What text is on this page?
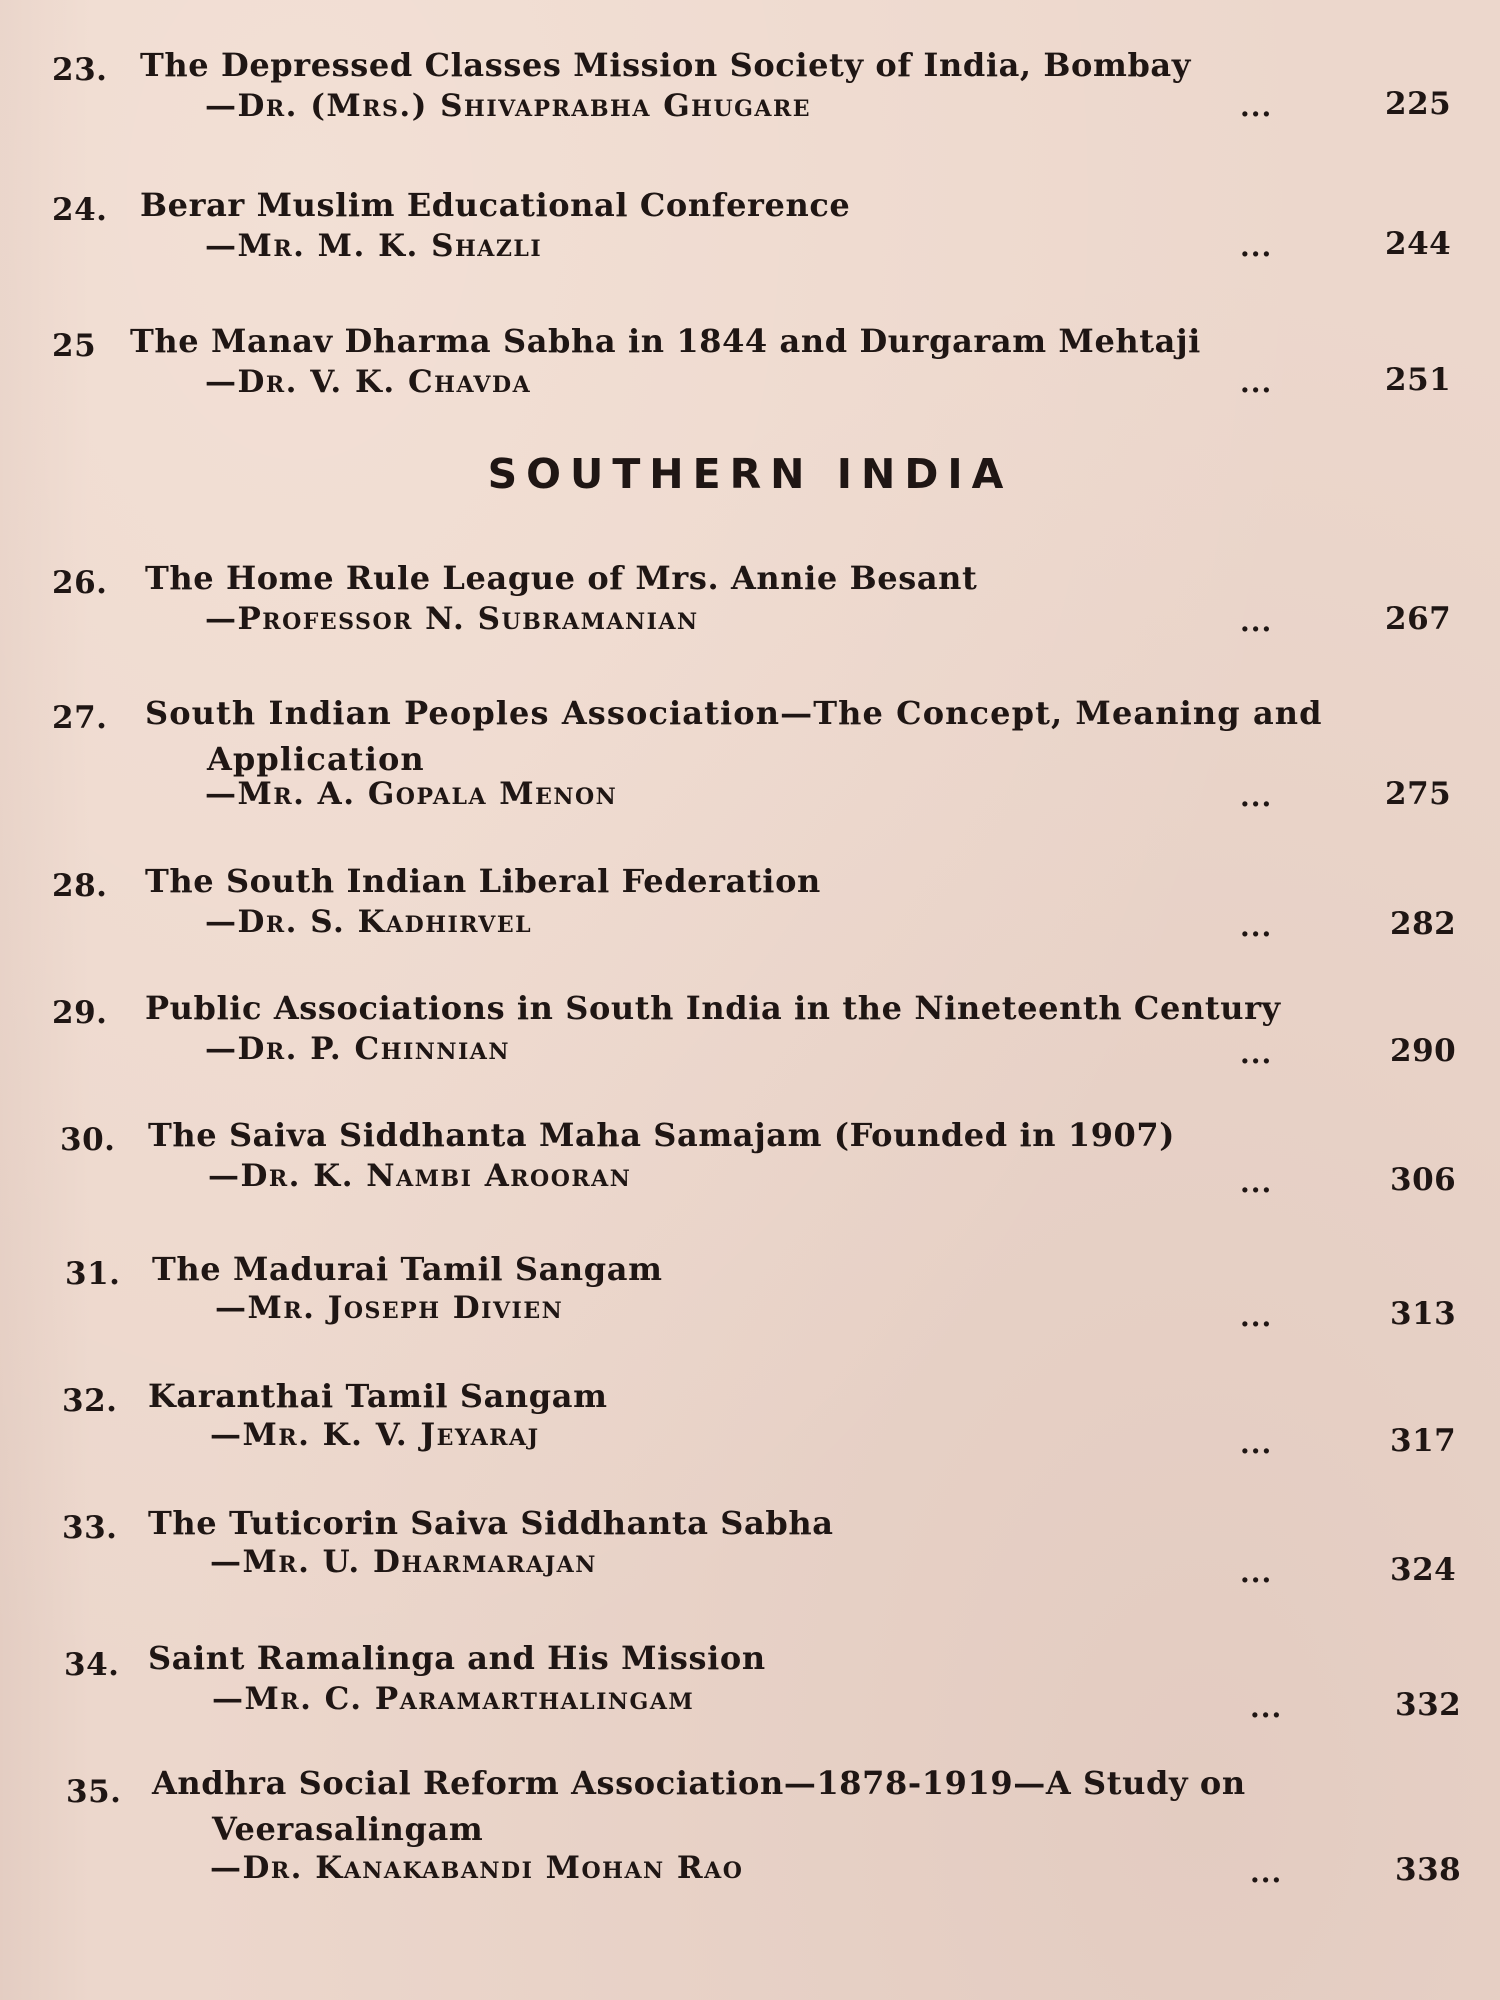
23. The Depressed Classes Mission Society of India, Bombay
—Dr. (Mrs.) Shivaprabha Ghugare	...	225
24. Berar Muslim Educational Conference
—Mr. M. K. Shazli	...	244
25 The Manav Dharma Sabha in 1844 and Durgaram Mehtaji
—Dr. V. K. Chavda	...	251
SOUTHERN INDIA
26. The Home Rule League of Mrs. Annie Besant
—Professor N. Subramanian	...	267
27. South Indian Peoples Association—The Concept, Meaning and
Application
—Mr. A. Gopala Menon	...	275
28. The South Indian Liberal Federation
—Dr. S. Kadhirvel	...	282
29. Public Associations in South India in the Nineteenth Century
—Dr. P. Chinnian	...	290
30. The Saiva Siddhanta Maha Samajam (Founded in 1907)
—Dr. K. Nambi Arooran	...	306
31. The Madurai Tamil Sangam
—Mr. Joseph Divien	...	313
32. Karanthai Tamil Sangam
—Mr. K. V. Jeyaraj	...	317
33. The Tuticorin Saiva Siddhanta Sabha
—Mr. U. Dharmarajan	...	324
34. Saint Ramalinga and His Mission
—Mr. C. Paramarthalingam	...	332
35. Andhra Social Reform Association—1878-1919—A Study on
Veerasalingam
—Dr. Kanakabandi Mohan Rao	...	338
